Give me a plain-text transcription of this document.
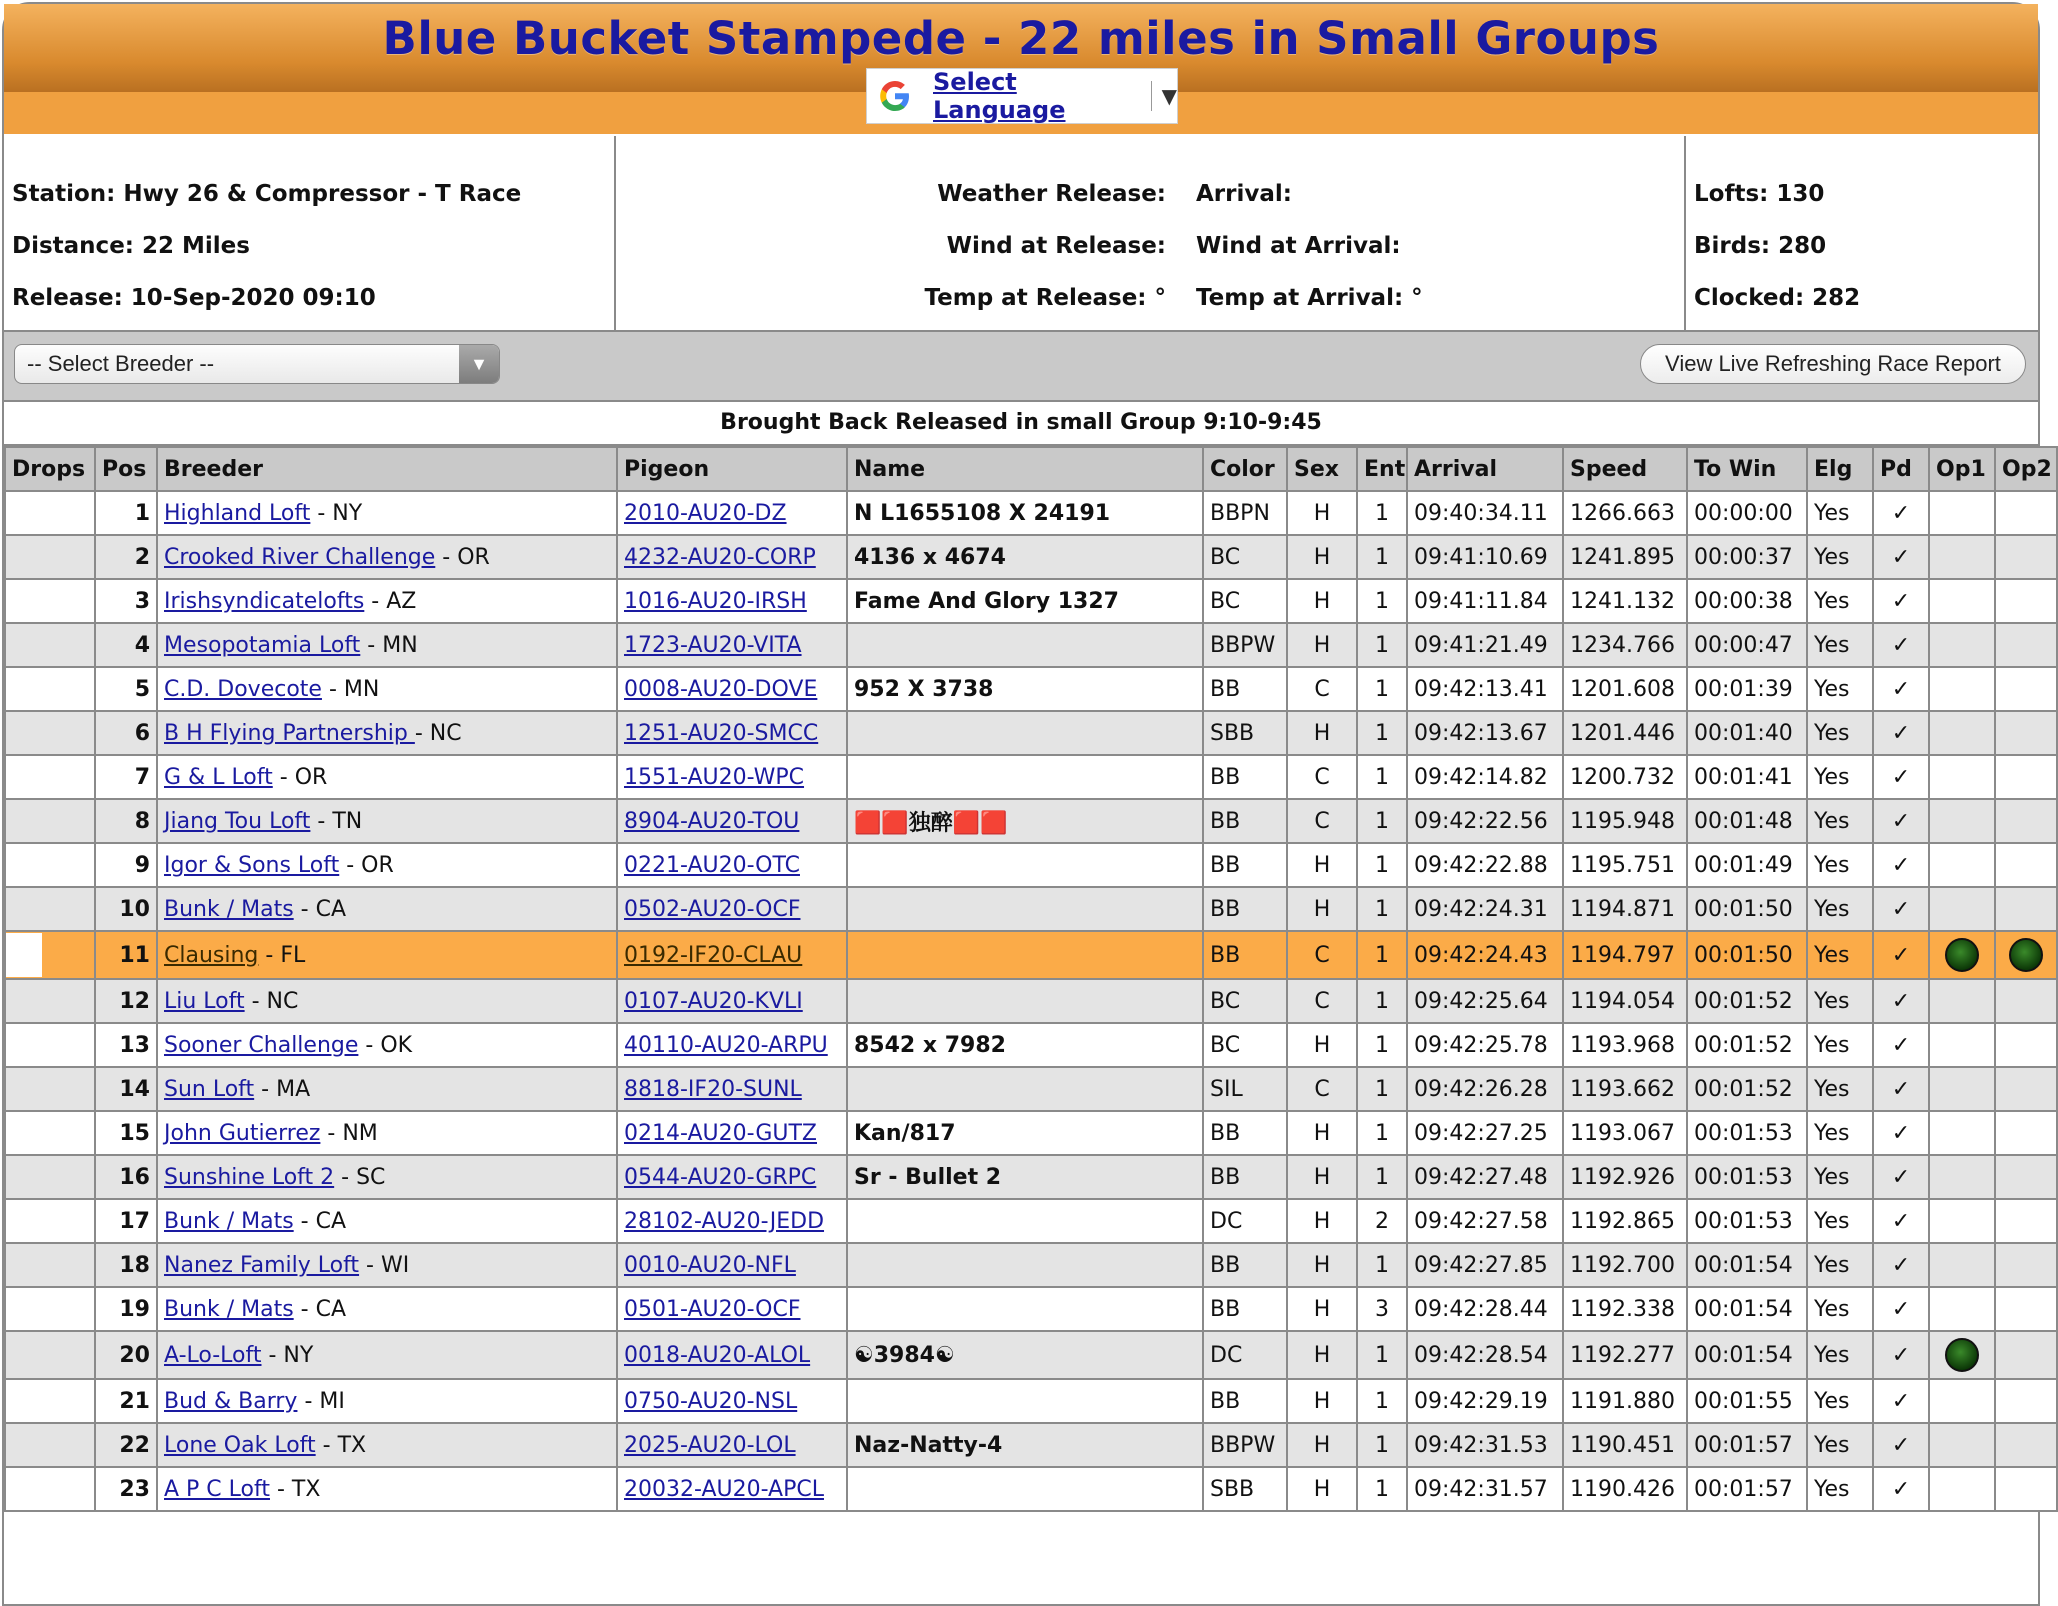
Blue Bucket Stampede - 22 miles in Small Groups
Select Language	▼
Station: Hwy 26 & Compressor - T Race
Distance: 22 Miles
Release: 10-Sep-2020 09:10
Weather Release:	Arrival:
Wind at Release:	Wind at Arrival:
Temp at Release: °	Temp at Arrival: °
Lofts: 130
Birds: 280
Clocked: 282
-- Select Breeder --	▼	View Live Refreshing Race Report
Brought Back Released in small Group 9:10-9:45
Drops	Pos	Breeder	Pigeon	Name	Color	Sex	Ent	Arrival	Speed	To Win	Elg	Pd	Op1	Op2
	1	Highland Loft - NY	2010-AU20-DZ	N L1655108 X 24191	BBPN	H	1	09:40:34.11	1266.663	00:00:00	Yes	✓		
	2	Crooked River Challenge - OR	4232-AU20-CORP	4136 x 4674	BC	H	1	09:41:10.69	1241.895	00:00:37	Yes	✓		
	3	Irishsyndicatelofts - AZ	1016-AU20-IRSH	Fame And Glory 1327	BC	H	1	09:41:11.84	1241.132	00:00:38	Yes	✓		
	4	Mesopotamia Loft - MN	1723-AU20-VITA		BBPW	H	1	09:41:21.49	1234.766	00:00:47	Yes	✓		
	5	C.D. Dovecote - MN	0008-AU20-DOVE	952 X 3738	BB	C	1	09:42:13.41	1201.608	00:01:39	Yes	✓		
	6	B H Flying Partnership - NC	1251-AU20-SMCC		SBB	H	1	09:42:13.67	1201.446	00:01:40	Yes	✓		
	7	G & L Loft - OR	1551-AU20-WPC		BB	C	1	09:42:14.82	1200.732	00:01:41	Yes	✓		
	8	Jiang Tou Loft - TN	8904-AU20-TOU	🟥🟥独醉🟥🟥	BB	C	1	09:42:22.56	1195.948	00:01:48	Yes	✓		
	9	Igor & Sons Loft - OR	0221-AU20-OTC		BB	H	1	09:42:22.88	1195.751	00:01:49	Yes	✓		
	10	Bunk / Mats - CA	0502-AU20-OCF		BB	H	1	09:42:24.31	1194.871	00:01:50	Yes	✓		
	11	Clausing - FL	0192-IF20-CLAU		BB	C	1	09:42:24.43	1194.797	00:01:50	Yes	✓		
	12	Liu Loft - NC	0107-AU20-KVLI		BC	C	1	09:42:25.64	1194.054	00:01:52	Yes	✓		
	13	Sooner Challenge - OK	40110-AU20-ARPU	8542 x 7982	BC	H	1	09:42:25.78	1193.968	00:01:52	Yes	✓		
	14	Sun Loft - MA	8818-IF20-SUNL		SIL	C	1	09:42:26.28	1193.662	00:01:52	Yes	✓		
	15	John Gutierrez - NM	0214-AU20-GUTZ	Kan/817	BB	H	1	09:42:27.25	1193.067	00:01:53	Yes	✓		
	16	Sunshine Loft 2 - SC	0544-AU20-GRPC	Sr - Bullet 2	BB	H	1	09:42:27.48	1192.926	00:01:53	Yes	✓		
	17	Bunk / Mats - CA	28102-AU20-JEDD		DC	H	2	09:42:27.58	1192.865	00:01:53	Yes	✓		
	18	Nanez Family Loft - WI	0010-AU20-NFL		BB	H	1	09:42:27.85	1192.700	00:01:54	Yes	✓		
	19	Bunk / Mats - CA	0501-AU20-OCF		BB	H	3	09:42:28.44	1192.338	00:01:54	Yes	✓		
	20	A-Lo-Loft - NY	0018-AU20-ALOL	☯3984☯	DC	H	1	09:42:28.54	1192.277	00:01:54	Yes	✓		
	21	Bud & Barry - MI	0750-AU20-NSL		BB	H	1	09:42:29.19	1191.880	00:01:55	Yes	✓		
	22	Lone Oak Loft - TX	2025-AU20-LOL	Naz-Natty-4	BBPW	H	1	09:42:31.53	1190.451	00:01:57	Yes	✓		
	23	A P C Loft - TX	20032-AU20-APCL		SBB	H	1	09:42:31.57	1190.426	00:01:57	Yes	✓		
